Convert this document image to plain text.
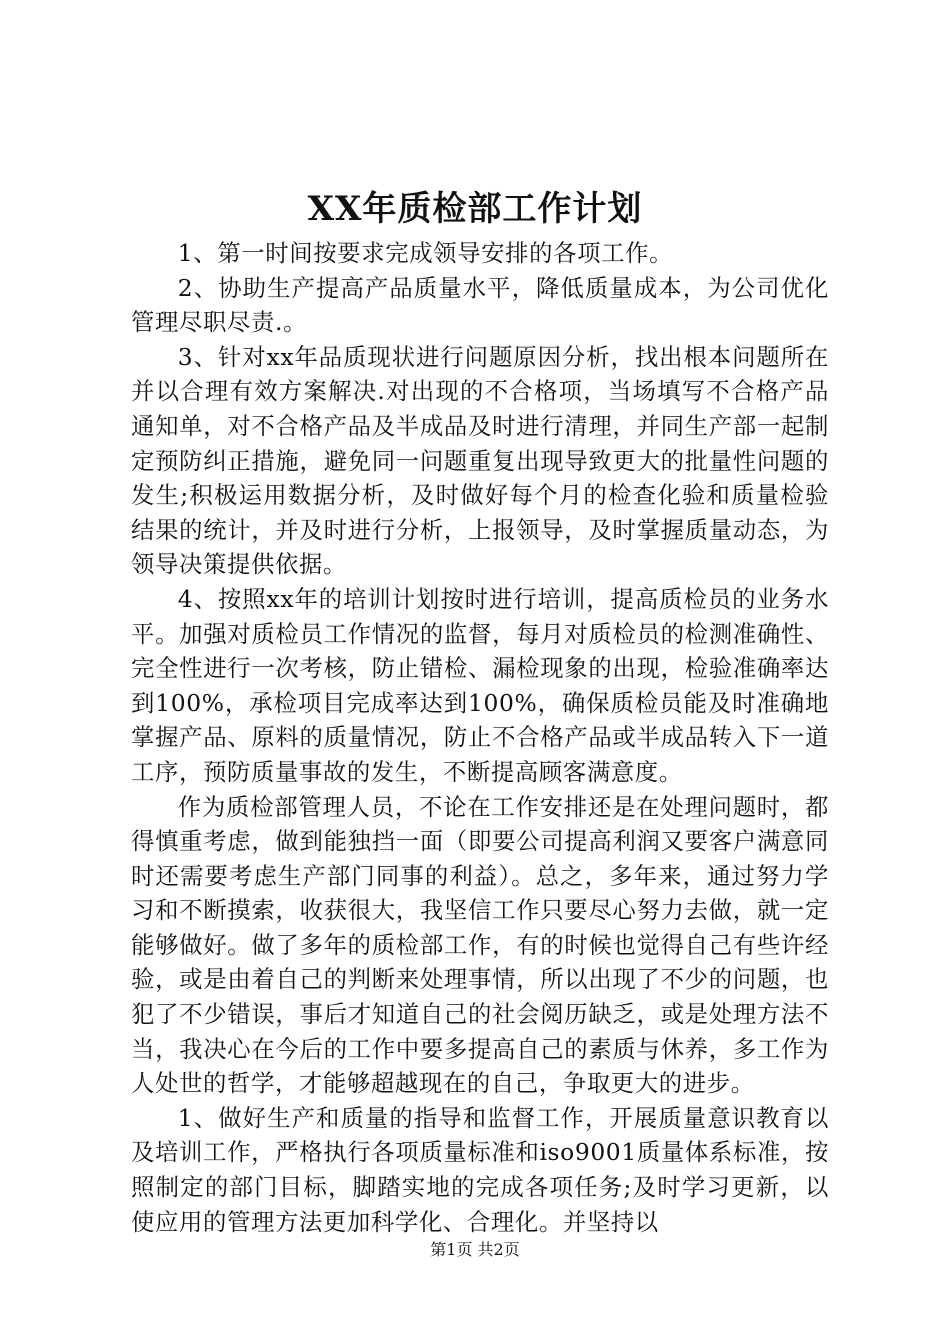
XX年质检部工作计划

1、第一时间按要求完成领导安排的各项工作。

2、协助生产提高产品质量水平，降低质量成本，为公司优化管理尽职尽责.。

3、针对xx年品质现状进行问题原因分析，找出根本问题所在并以合理有效方案解决.对出现的不合格项，当场填写不合格产品通知单，对不合格产品及半成品及时进行清理，并同生产部一起制定预防纠正措施，避免同一问题重复出现导致更大的批量性问题的发生;积极运用数据分析，及时做好每个月的检查化验和质量检验结果的统计，并及时进行分析，上报领导，及时掌握质量动态，为领导决策提供依据。

4、按照xx年的培训计划按时进行培训，提高质检员的业务水平。加强对质检员工作情况的监督，每月对质检员的检测准确性、完全性进行一次考核，防止错检、漏检现象的出现，检验准确率达到100%，承检项目完成率达到100%，确保质检员能及时准确地掌握产品、原料的质量情况，防止不合格产品或半成品转入下一道工序，预防质量事故的发生，不断提高顾客满意度。

作为质检部管理人员，不论在工作安排还是在处理问题时，都得慎重考虑，做到能独挡一面（即要公司提高利润又要客户满意同时还需要考虑生产部门同事的利益）。总之，多年来，通过努力学习和不断摸索，收获很大，我坚信工作只要尽心努力去做，就一定能够做好。做了多年的质检部工作，有的时候也觉得自己有些许经验，或是由着自己的判断来处理事情，所以出现了不少的问题，也犯了不少错误，事后才知道自己的社会阅历缺乏，或是处理方法不当，我决心在今后的工作中要多提高自己的素质与休养，多工作为人处世的哲学，才能够超越现在的自己，争取更大的进步。

1、做好生产和质量的指导和监督工作，开展质量意识教育以及培训工作，严格执行各项质量标准和iso9001质量体系标准，按照制定的部门目标，脚踏实地的完成各项任务;及时学习更新，以使应用的管理方法更加科学化、合理化。并坚持以

第1页 共2页
